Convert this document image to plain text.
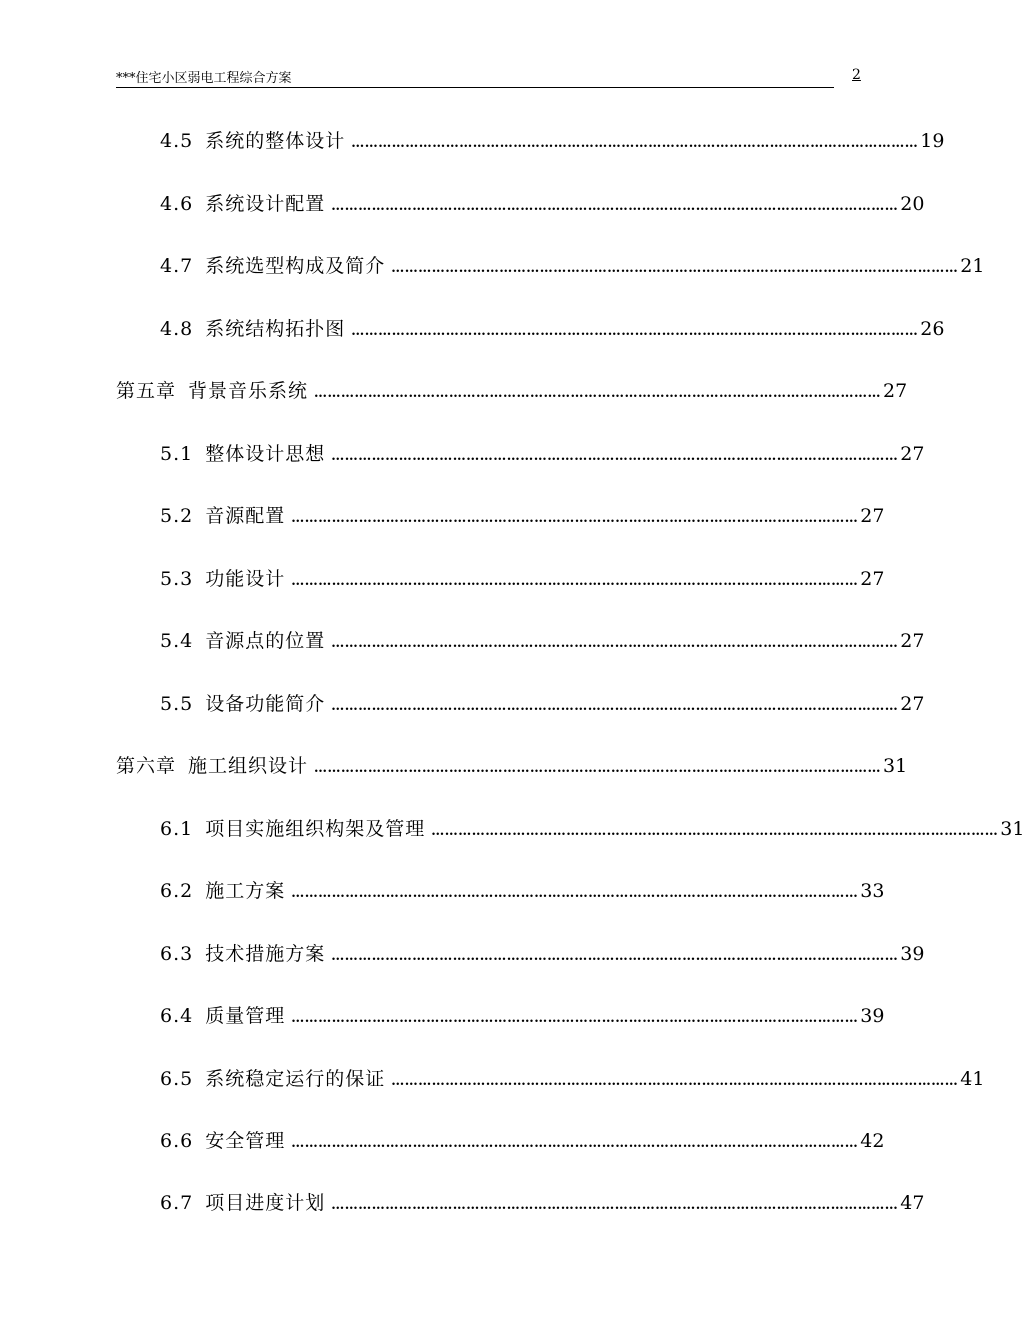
***住宅小区弱电工程综合方案	2
4.5 系统的整体设计 ……………………………………………………………………………………………………………… 19
4.6 系统设计配置 ……………………………………………………………………………………………………………… 20
4.7 系统选型构成及简介 ……………………………………………………………………………………………………………… 21
4.8 系统结构拓扑图 ……………………………………………………………………………………………………………… 26
第五章 背景音乐系统 ……………………………………………………………………………………………………………… 27
5.1 整体设计思想 ……………………………………………………………………………………………………………… 27
5.2 音源配置 ……………………………………………………………………………………………………………… 27
5.3 功能设计 ……………………………………………………………………………………………………………… 27
5.4 音源点的位置 ……………………………………………………………………………………………………………… 27
5.5 设备功能简介 ……………………………………………………………………………………………………………… 27
第六章 施工组织设计 ……………………………………………………………………………………………………………… 31
6.1 项目实施组织构架及管理 ……………………………………………………………………………………………………………… 31
6.2 施工方案 ……………………………………………………………………………………………………………… 33
6.3 技术措施方案 ……………………………………………………………………………………………………………… 39
6.4 质量管理 ……………………………………………………………………………………………………………… 39
6.5 系统稳定运行的保证 ……………………………………………………………………………………………………………… 41
6.6 安全管理 ……………………………………………………………………………………………………………… 42
6.7 项目进度计划 ……………………………………………………………………………………………………………… 47
